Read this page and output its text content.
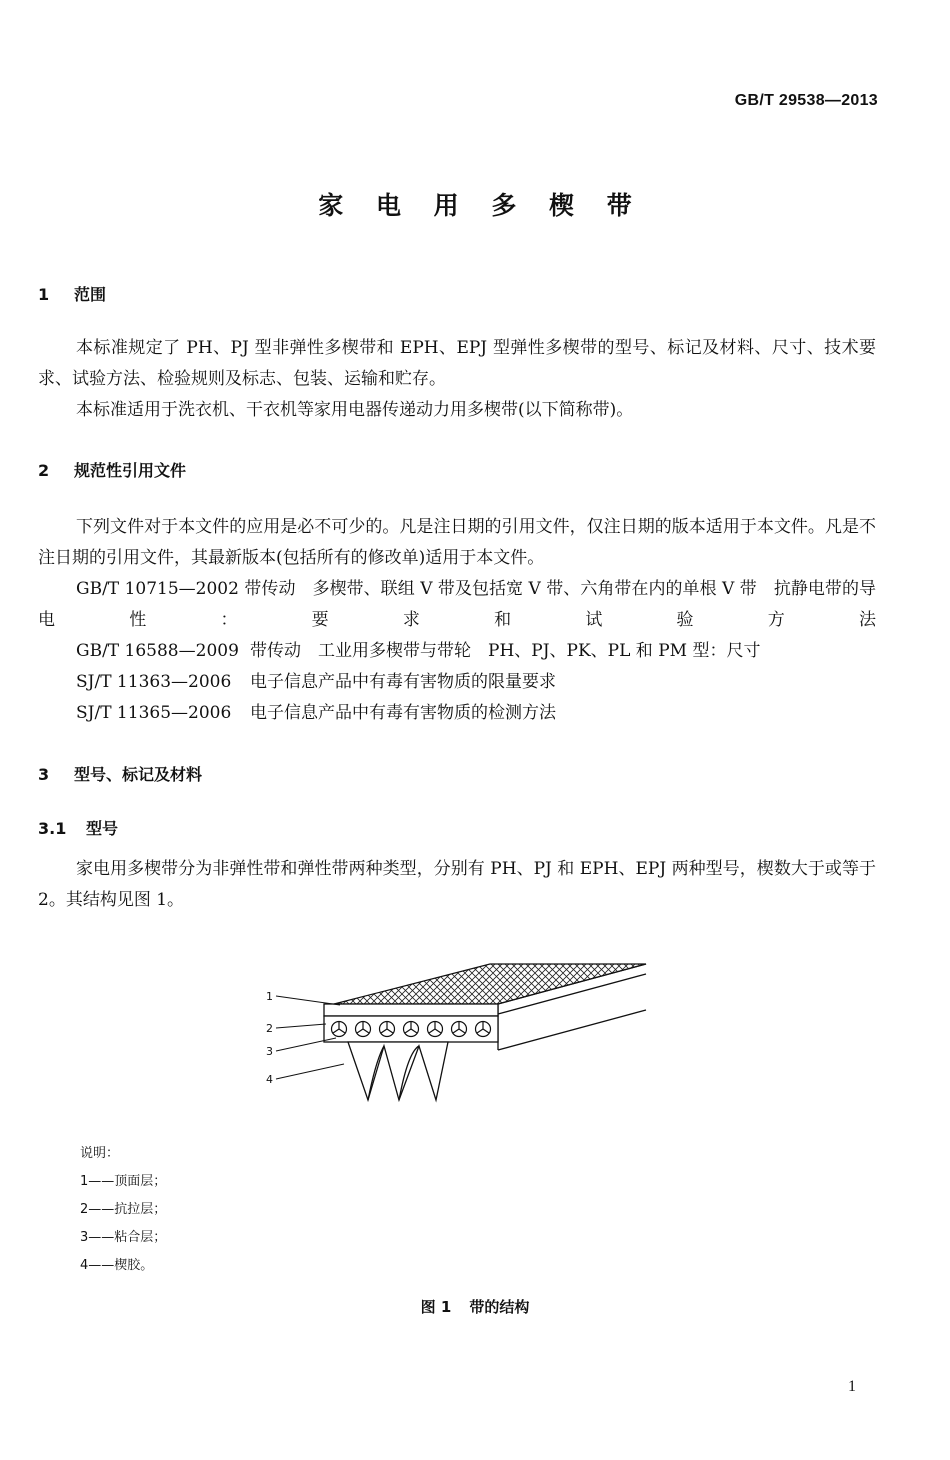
GB/T 29538—2013
家 电 用 多 楔 带
1 范围

本标准规定了 PH、PJ 型非弹性多楔带和 EPH、EPJ 型弹性多楔带的型号、标记及材料、尺寸、技术要求、试验方法、检验规则及标志、包装、运输和贮存。

本标准适用于洗衣机、干衣机等家用电器传递动力用多楔带(以下简称带)。

2 规范性引用文件

下列文件对于本文件的应用是必不可少的。凡是注日期的引用文件，仅注日期的版本适用于本文件。凡是不注日期的引用文件，其最新版本(包括所有的修改单)适用于本文件。

GB/T 10715—2002 带传动　多楔带、联组 V 带及包括宽 V 带、六角带在内的单根 V 带　抗静电带的导电性：要求和试验方法

GB/T 16588—2009 带传动　工业用多楔带与带轮　PH、PJ、PK、PL 和 PM 型：尺寸

SJ/T 11363—2006 电子信息产品中有毒有害物质的限量要求

SJ/T 11365—2006 电子信息产品中有毒有害物质的检测方法

3 型号、标记及材料
3.1 型号

家电用多楔带分为非弹性带和弹性带两种类型，分别有 PH、PJ 和 EPH、EPJ 两种型号，楔数大于或等于 2。其结构见图 1。

1
2
3
4
说明：
1——顶面层；
2——抗拉层；
3——粘合层；
4——楔胶。
图 1 带的结构
1
